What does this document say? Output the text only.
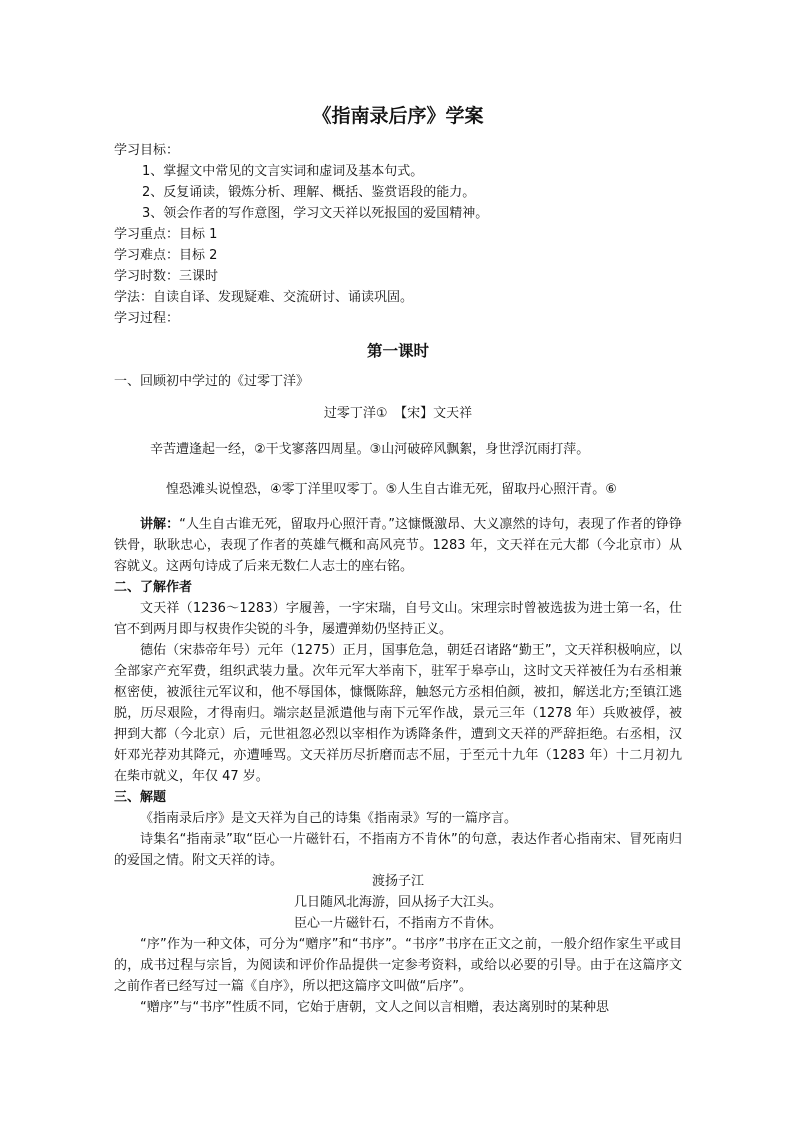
《指南录后序》学案
学习目标：
1、掌握文中常见的文言实词和虚词及基本句式。
2、反复诵读，锻炼分析、理解、概括、鉴赏语段的能力。
3、领会作者的写作意图，学习文天祥以死报国的爱国精神。
学习重点：目标 1
学习难点：目标 2
学习时数：三课时
学法：自读自译、发现疑难、交流研讨、诵读巩固。
学习过程：
第一课时
一、回顾初中学过的《过零丁洋》
过零丁洋①　【宋】文天祥
辛苦遭逢起一经，②干戈寥落四周星。③山河破碎风飘絮，身世浮沉雨打萍。
惶恐滩头说惶恐，④零丁洋里叹零丁。⑤人生自古谁无死，留取丹心照汗青。⑥
讲解：“人生自古谁无死，留取丹心照汗青。”这慷慨激昂、大义凛然的诗句，表现了作者的铮铮铁骨，耿耿忠心，表现了作者的英雄气概和高风亮节。1283 年，文天祥在元大都（今北京市）从容就义。这两句诗成了后来无数仁人志士的座右铭。
二、了解作者
文天祥（1236～1283）字履善，一字宋瑞，自号文山。宋理宗时曾被选拔为进士第一名，仕官不到两月即与权贵作尖锐的斗争，屡遭弹劾仍坚持正义。
德佑（宋恭帝年号）元年（1275）正月，国事危急，朝廷召诸路“勤王”，文天祥积极响应，以全部家产充军费，组织武装力量。次年元军大举南下，驻军于皋亭山，这时文天祥被任为右丞相兼枢密使，被派往元军议和，他不辱国体，慷慨陈辞，触怒元方丞相伯颜，被扣，解送北方;至镇江逃脱，历尽艰险，才得南归。端宗赵昰派遣他与南下元军作战，景元三年（1278 年）兵败被俘，被押到大都（今北京）后，元世祖忽必烈以宰相作为诱降条件，遭到文天祥的严辞拒绝。右丞相，汉奸邓光荐劝其降元，亦遭唾骂。文天祥历尽折磨而志不屈，于至元十九年（1283 年）十二月初九在柴市就义，年仅 47 岁。
三、解题
《指南录后序》是文天祥为自己的诗集《指南录》写的一篇序言。
诗集名“指南录”取“臣心一片磁针石，不指南方不肯休”的句意，表达作者心指南宋、冒死南归的爱国之情。附文天祥的诗。
渡扬子江
几日随风北海游，回从扬子大江头。
臣心一片磁针石，不指南方不肯休。
“序”作为一种文体，可分为“赠序”和“书序”。“书序”书序在正文之前，一般介绍作家生平或目的，成书过程与宗旨，为阅读和评价作品提供一定参考资料，或给以必要的引导。由于在这篇序文之前作者已经写过一篇《自序》，所以把这篇序文叫做“后序”。
“赠序”与“书序”性质不同，它始于唐朝，文人之间以言相赠，表达离别时的某种思
